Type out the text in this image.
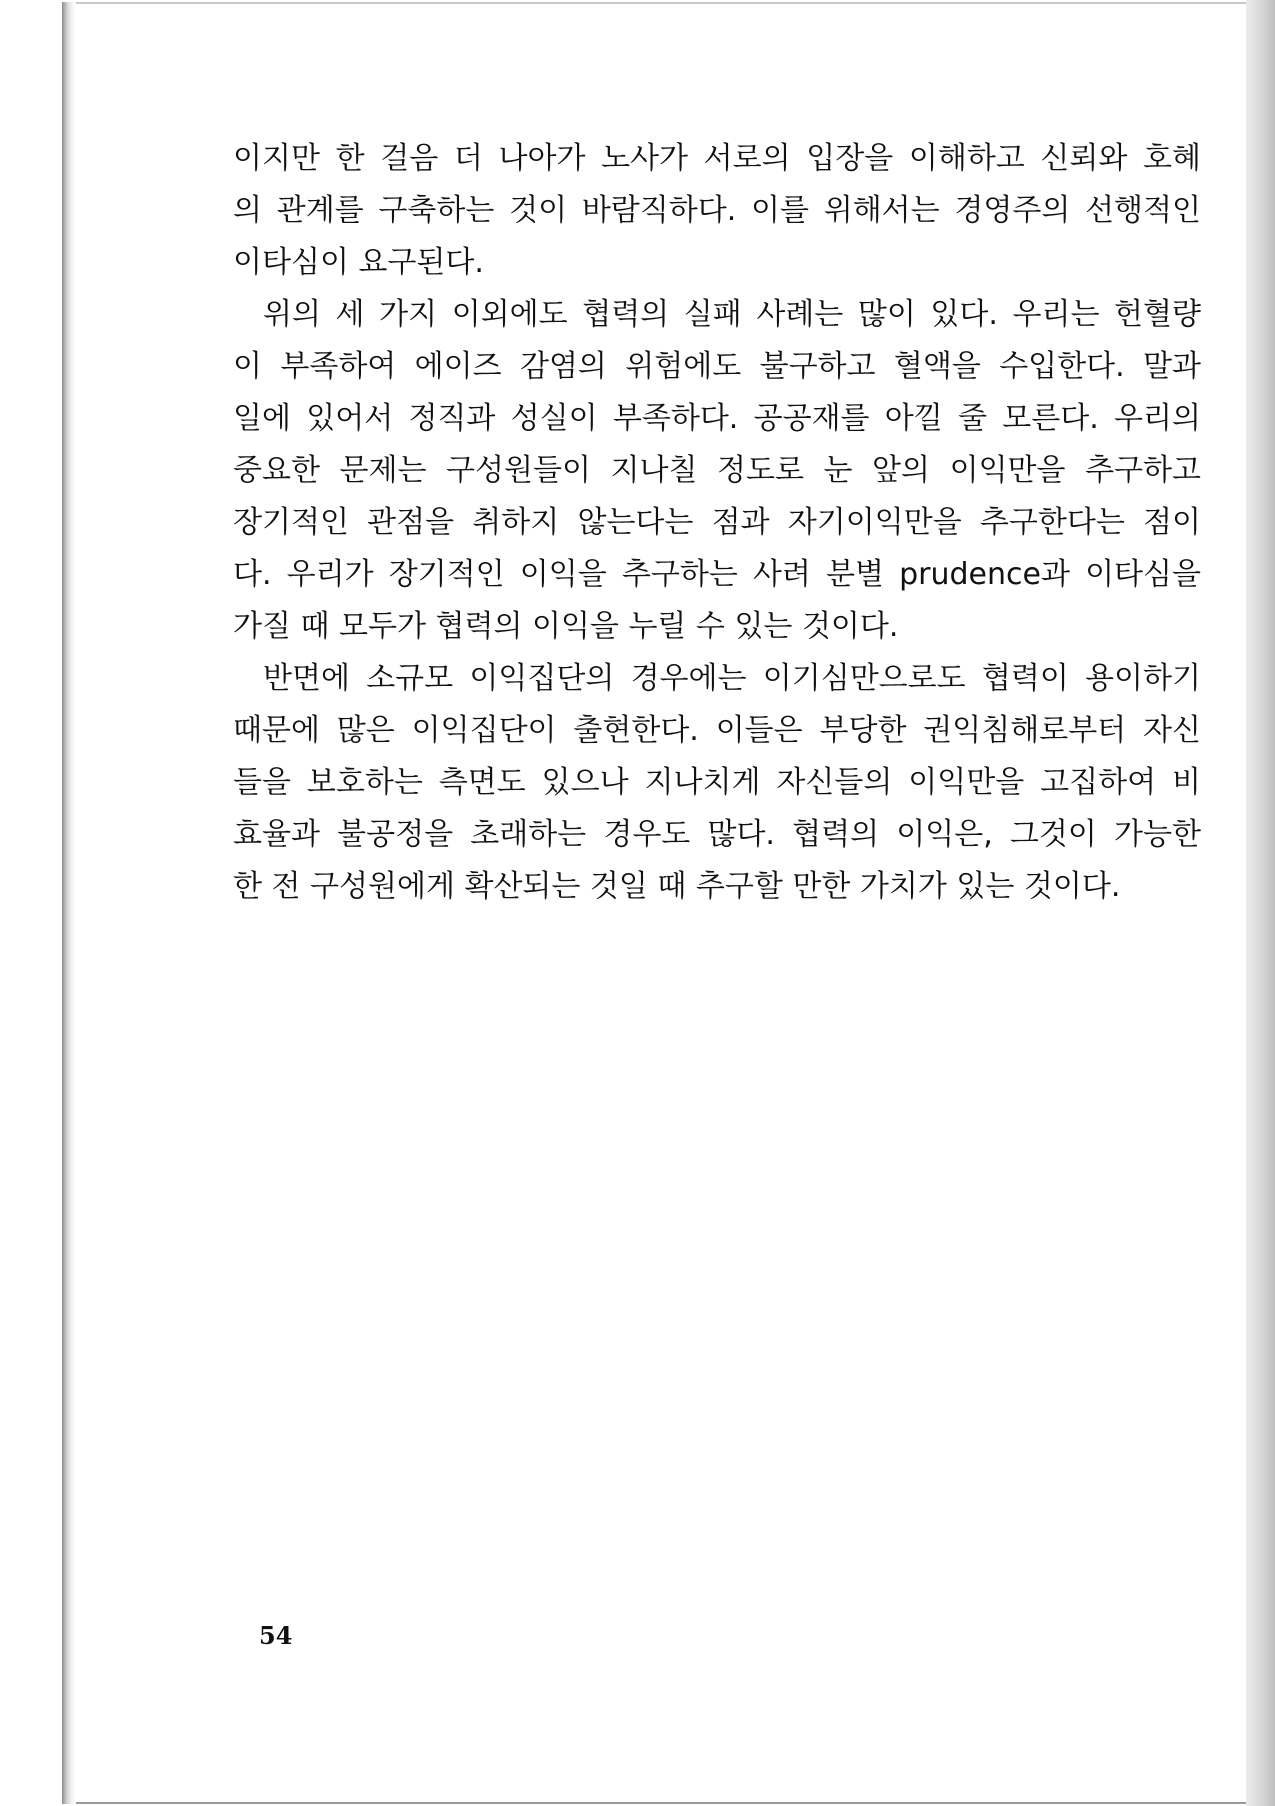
이지만 한 걸음 더 나아가 노사가 서로의 입장을 이해하고 신뢰와 호혜
의 관계를 구축하는 것이 바람직하다. 이를 위해서는 경영주의 선행적인
이타심이 요구된다.
위의 세 가지 이외에도 협력의 실패 사례는 많이 있다. 우리는 헌혈량
이 부족하여 에이즈 감염의 위험에도 불구하고 혈액을 수입한다. 말과
일에 있어서 정직과 성실이 부족하다. 공공재를 아낄 줄 모른다. 우리의
중요한 문제는 구성원들이 지나칠 정도로 눈 앞의 이익만을 추구하고
장기적인 관점을 취하지 않는다는 점과 자기이익만을 추구한다는 점이
다. 우리가 장기적인 이익을 추구하는 사려 분별 prudence과 이타심을
가질 때 모두가 협력의 이익을 누릴 수 있는 것이다.
반면에 소규모 이익집단의 경우에는 이기심만으로도 협력이 용이하기
때문에 많은 이익집단이 출현한다. 이들은 부당한 권익침해로부터 자신
들을 보호하는 측면도 있으나 지나치게 자신들의 이익만을 고집하여 비
효율과 불공정을 초래하는 경우도 많다. 협력의 이익은, 그것이 가능한
한 전 구성원에게 확산되는 것일 때 추구할 만한 가치가 있는 것이다.
54
